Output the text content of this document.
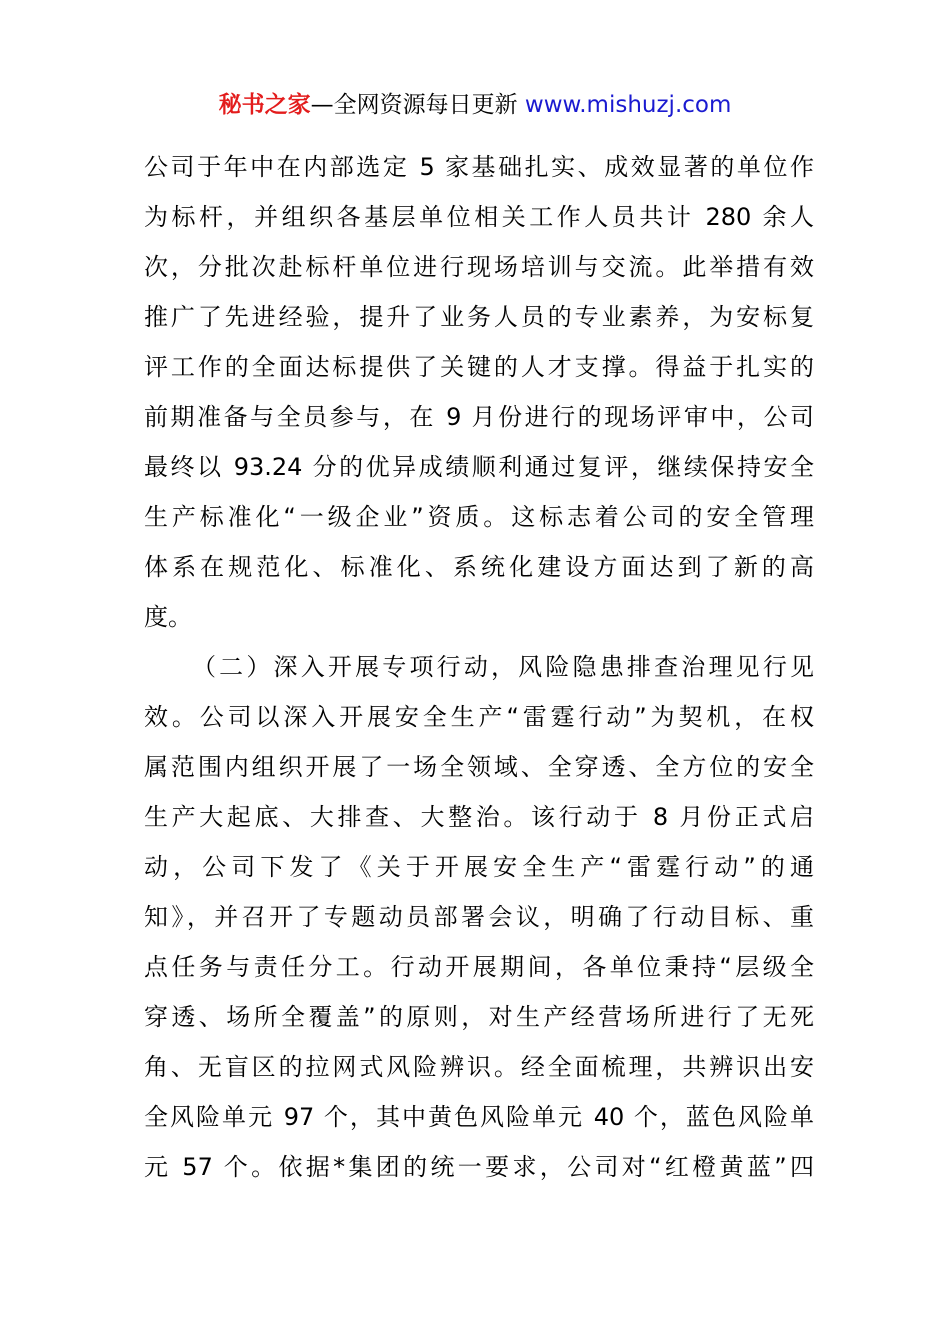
秘书之家—全网资源每日更新 www.mishuzj.com
公司于年中在内部选定 5 家基础扎实、成效显著的单位作
为标杆，并组织各基层单位相关工作人员共计 280 余人
次，分批次赴标杆单位进行现场培训与交流。此举措有效
推广了先进经验，提升了业务人员的专业素养，为安标复
评工作的全面达标提供了关键的人才支撑。得益于扎实的
前期准备与全员参与，在 9 月份进行的现场评审中，公司
最终以 93.24 分的优异成绩顺利通过复评，继续保持安全
生产标准化“一级企业”资质。这标志着公司的安全管理
体系在规范化、标准化、系统化建设方面达到了新的高
度。
（二）深入开展专项行动，风险隐患排查治理见行见
效。公司以深入开展安全生产“雷霆行动”为契机，在权
属范围内组织开展了一场全领域、全穿透、全方位的安全
生产大起底、大排查、大整治。该行动于 8 月份正式启
动，公司下发了《关于开展安全生产“雷霆行动”的通
知》，并召开了专题动员部署会议，明确了行动目标、重
点任务与责任分工。行动开展期间，各单位秉持“层级全
穿透、场所全覆盖”的原则，对生产经营场所进行了无死
角、无盲区的拉网式风险辨识。经全面梳理，共辨识出安
全风险单元 97 个，其中黄色风险单元 40 个，蓝色风险单
元 57 个。依据*集团的统一要求，公司对“红橙黄蓝”四
